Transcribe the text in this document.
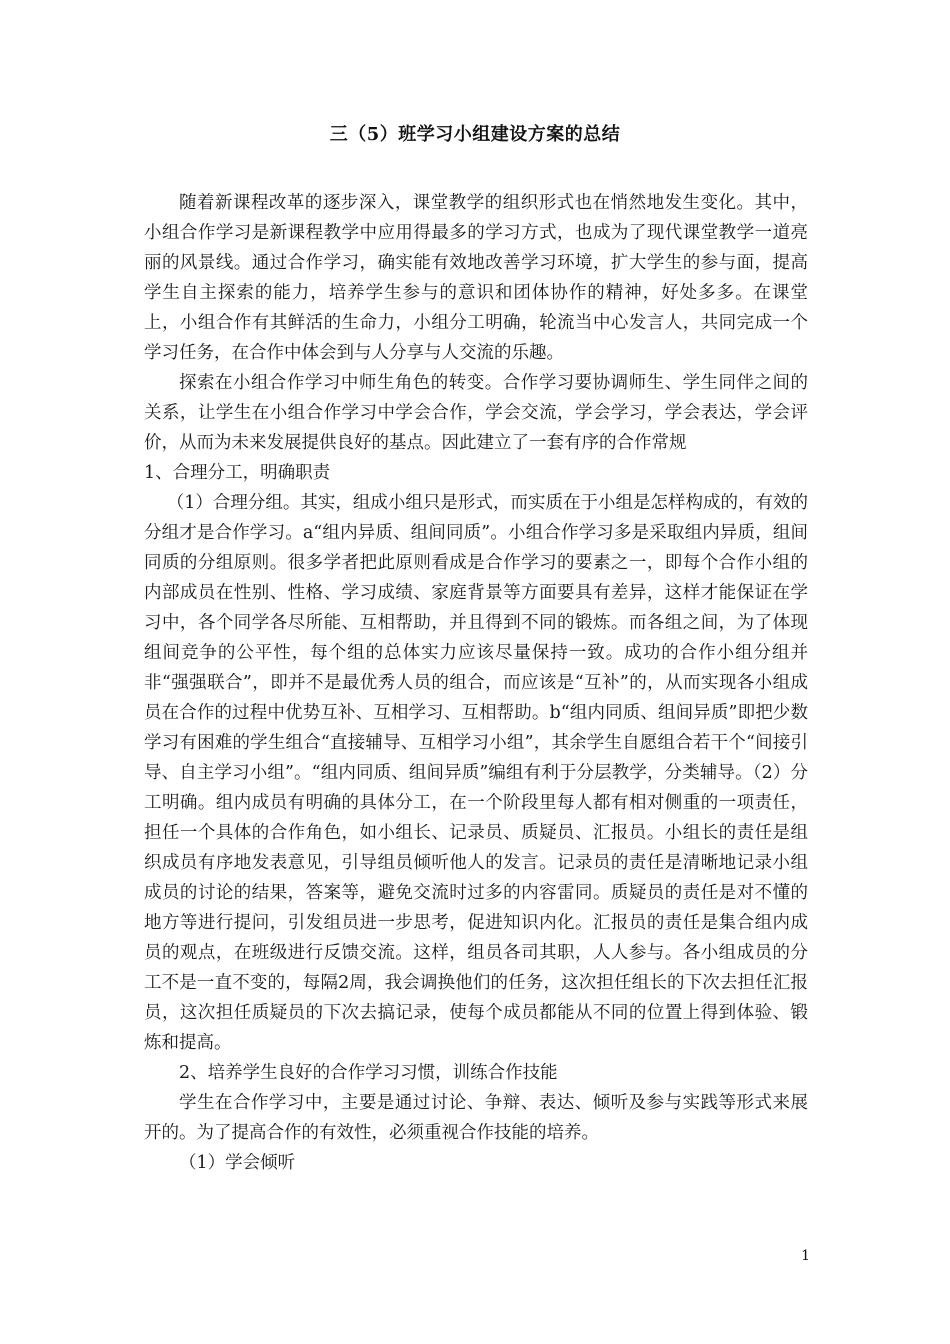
三（5）班学习小组建设方案的总结

随着新课程改革的逐步深入，课堂教学的组织形式也在悄然地发生变化。其中，小组合作学习是新课程教学中应用得最多的学习方式，也成为了现代课堂教学一道亮丽的风景线。通过合作学习，确实能有效地改善学习环境，扩大学生的参与面，提高学生自主探索的能力，培养学生参与的意识和团体协作的精神，好处多多。在课堂上，小组合作有其鲜活的生命力，小组分工明确，轮流当中心发言人，共同完成一个学习任务，在合作中体会到与人分享与人交流的乐趣。

探索在小组合作学习中师生角色的转变。合作学习要协调师生、学生同伴之间的关系，让学生在小组合作学习中学会合作，学会交流，学会学习，学会表达，学会评价，从而为未来发展提供良好的基点。因此建立了一套有序的合作常规

1、合理分工，明确职责

（1）合理分组。其实，组成小组只是形式，而实质在于小组是怎样构成的，有效的分组才是合作学习。a“组内异质、组间同质”。小组合作学习多是采取组内异质，组间同质的分组原则。很多学者把此原则看成是合作学习的要素之一，即每个合作小组的内部成员在性别、性格、学习成绩、家庭背景等方面要具有差异，这样才能保证在学习中，各个同学各尽所能、互相帮助，并且得到不同的锻炼。而各组之间，为了体现组间竞争的公平性，每个组的总体实力应该尽量保持一致。成功的合作小组分组并非“强强联合”，即并不是最优秀人员的组合，而应该是“互补”的，从而实现各小组成员在合作的过程中优势互补、互相学习、互相帮助。b“组内同质、组间异质”即把少数学习有困难的学生组合“直接辅导、互相学习小组”，其余学生自愿组合若干个“间接引导、自主学习小组”。“组内同质、组间异质”编组有利于分层教学，分类辅导。（2）分工明确。组内成员有明确的具体分工，在一个阶段里每人都有相对侧重的一项责任，担任一个具体的合作角色，如小组长、记录员、质疑员、汇报员。小组长的责任是组织成员有序地发表意见，引导组员倾听他人的发言。记录员的责任是清晰地记录小组成员的讨论的结果，答案等，避免交流时过多的内容雷同。质疑员的责任是对不懂的地方等进行提问，引发组员进一步思考，促进知识内化。汇报员的责任是集合组内成员的观点，在班级进行反馈交流。这样，组员各司其职，人人参与。各小组成员的分工不是一直不变的，每隔2周，我会调换他们的任务，这次担任组长的下次去担任汇报员，这次担任质疑员的下次去搞记录，使每个成员都能从不同的位置上得到体验、锻炼和提高。

2、培养学生良好的合作学习习惯，训练合作技能

学生在合作学习中，主要是通过讨论、争辩、表达、倾听及参与实践等形式来展开的。为了提高合作的有效性，必须重视合作技能的培养。

（1）学会倾听

1
